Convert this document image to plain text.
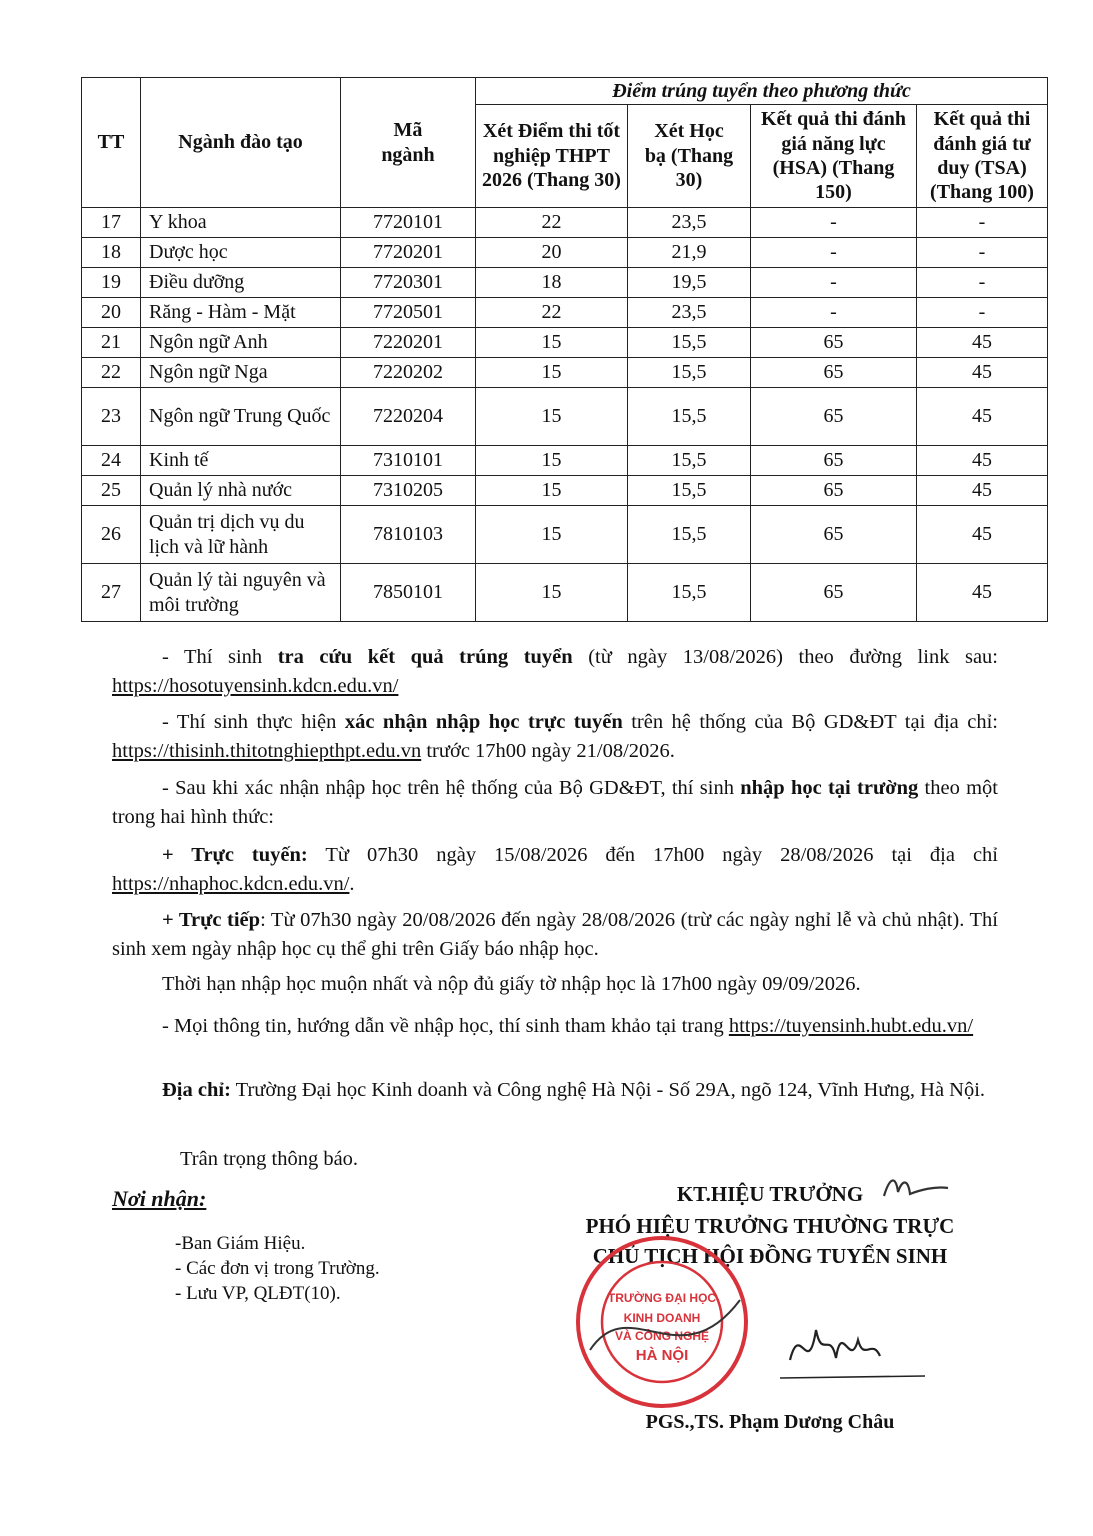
TT	Ngành đào tạo	Mã ngành	Điểm trúng tuyển theo phương thức			
			Xét Điểm thi tốt nghiệp THPT 2026 (Thang 30)	Xét Học bạ (Thang 30)	Kết quả thi đánh giá năng lực (HSA) (Thang 150)	Kết quả thi đánh giá tư duy (TSA) (Thang 100)
17	Y khoa	7720101	22	23,5	-	-
18	Dược học	7720201	20	21,9	-	-
19	Điều dưỡng	7720301	18	19,5	-	-
20	Răng - Hàm - Mặt	7720501	22	23,5	-	-
21	Ngôn ngữ Anh	7220201	15	15,5	65	45
22	Ngôn ngữ Nga	7220202	15	15,5	65	45
23	Ngôn ngữ Trung Quốc	7220204	15	15,5	65	45
24	Kinh tế	7310101	15	15,5	65	45
25	Quản lý nhà nước	7310205	15	15,5	65	45
26	Quản trị dịch vụ du lịch và lữ hành	7810103	15	15,5	65	45
27	Quản lý tài nguyên và môi trường	7850101	15	15,5	65	45
- Thí sinh tra cứu kết quả trúng tuyển (từ ngày 13/08/2026) theo đường link sau: https://hosotuyensinh.kdcn.edu.vn/
- Thí sinh thực hiện xác nhận nhập học trực tuyến trên hệ thống của Bộ GD&ĐT tại địa chỉ: https://thisinh.thitotnghiepthpt.edu.vn trước 17h00 ngày 21/08/2026.
- Sau khi xác nhận nhập học trên hệ thống của Bộ GD&ĐT, thí sinh nhập học tại trường theo một trong hai hình thức:
+ Trực tuyến: Từ 07h30 ngày 15/08/2026 đến 17h00 ngày 28/08/2026 tại địa chỉ https://nhaphoc.kdcn.edu.vn/.
+ Trực tiếp: Từ 07h30 ngày 20/08/2026 đến ngày 28/08/2026 (trừ các ngày nghỉ lễ và chủ nhật). Thí sinh xem ngày nhập học cụ thể ghi trên Giấy báo nhập học.
Thời hạn nhập học muộn nhất và nộp đủ giấy tờ nhập học là 17h00 ngày 09/09/2026.
- Mọi thông tin, hướng dẫn về nhập học, thí sinh tham khảo tại trang https://tuyensinh.hubt.edu.vn/
Địa chỉ: Trường Đại học Kinh doanh và Công nghệ Hà Nội - Số 29A, ngõ 124, Vĩnh Hưng, Hà Nội.
Trân trọng thông báo.
Nơi nhận:
-Ban Giám Hiệu.
- Các đơn vị trong Trường.
- Lưu VP, QLĐT(10).
KT.HIỆU TRƯỞNG
PHÓ HIỆU TRƯỞNG THƯỜNG TRỰC
CHỦ TỊCH HỘI ĐỒNG TUYỂN SINH
PGS.,TS. Phạm Dương Châu
TRƯỜNG ĐẠI HỌC
KINH DOANH
VÀ CÔNG NGHỆ
HÀ NỘI
